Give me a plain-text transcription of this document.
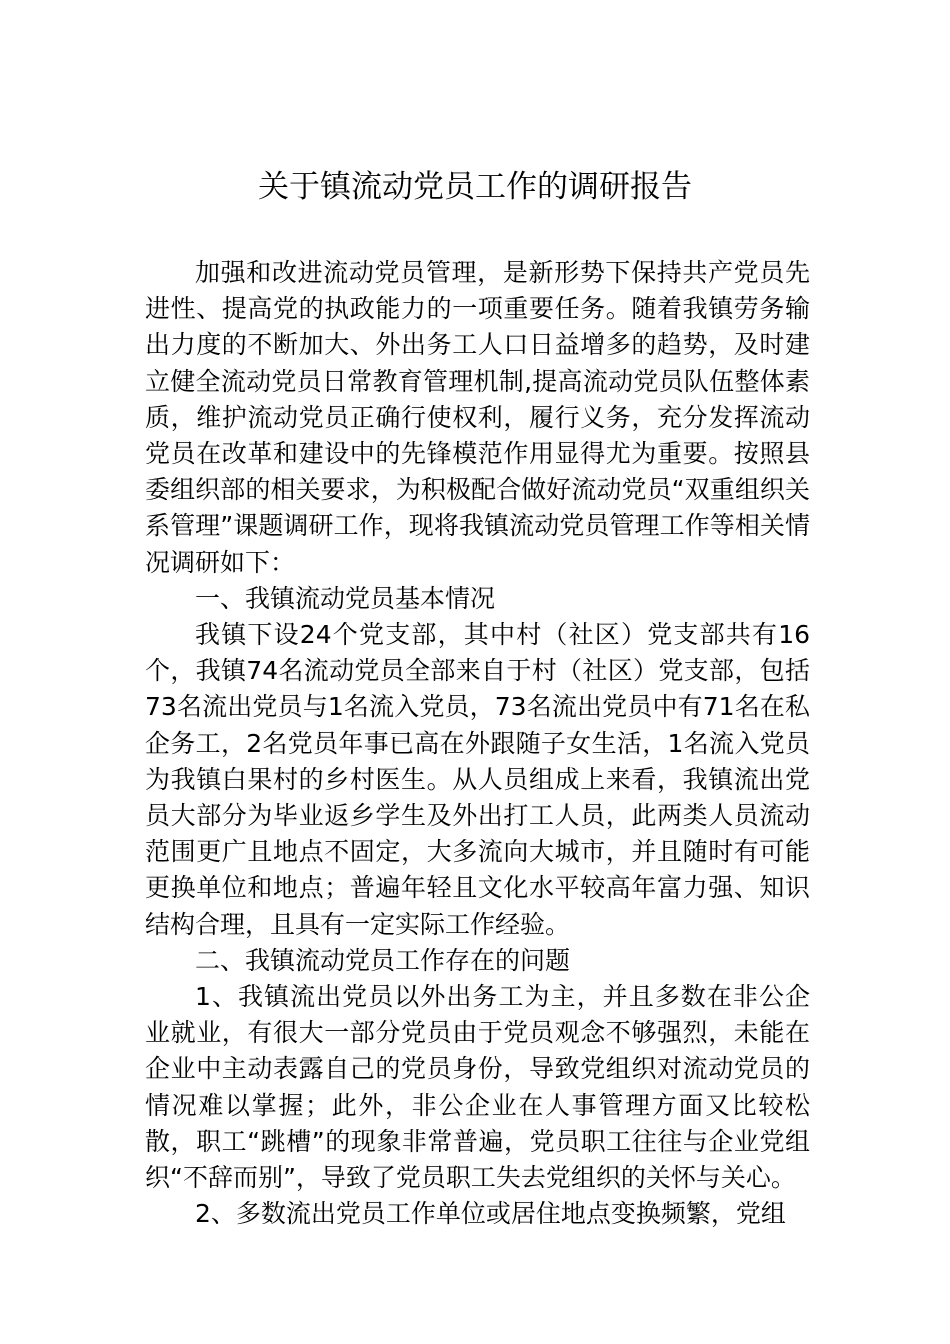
关于镇流动党员工作的调研报告

加强和改进流动党员管理，是新形势下保持共产党员先进性、提高党的执政能力的一项重要任务。随着我镇劳务输出力度的不断加大、外出务工人口日益增多的趋势，及时建立健全流动党员日常教育管理机制,提高流动党员队伍整体素质，维护流动党员正确行使权利，履行义务，充分发挥流动党员在改革和建设中的先锋模范作用显得尤为重要。按照县委组织部的相关要求，为积极配合做好流动党员“双重组织关系管理”课题调研工作，现将我镇流动党员管理工作等相关情况调研如下：

一、我镇流动党员基本情况

我镇下设24个党支部，其中村（社区）党支部共有16个，我镇74名流动党员全部来自于村（社区）党支部，包括73名流出党员与1名流入党员，73名流出党员中有71名在私企务工，2名党员年事已高在外跟随子女生活，1名流入党员为我镇白果村的乡村医生。从人员组成上来看，我镇流出党员大部分为毕业返乡学生及外出打工人员，此两类人员流动范围更广且地点不固定，大多流向大城市，并且随时有可能更换单位和地点；普遍年轻且文化水平较高年富力强、知识结构合理，且具有一定实际工作经验。

二、我镇流动党员工作存在的问题

1、我镇流出党员以外出务工为主，并且多数在非公企业就业，有很大一部分党员由于党员观念不够强烈，未能在企业中主动表露自己的党员身份，导致党组织对流动党员的情况难以掌握；此外，非公企业在人事管理方面又比较松散，职工“跳槽”的现象非常普遍，党员职工往往与企业党组织“不辞而别”，导致了党员职工失去党组织的关怀与关心。

2、多数流出党员工作单位或居住地点变换频繁，党组
